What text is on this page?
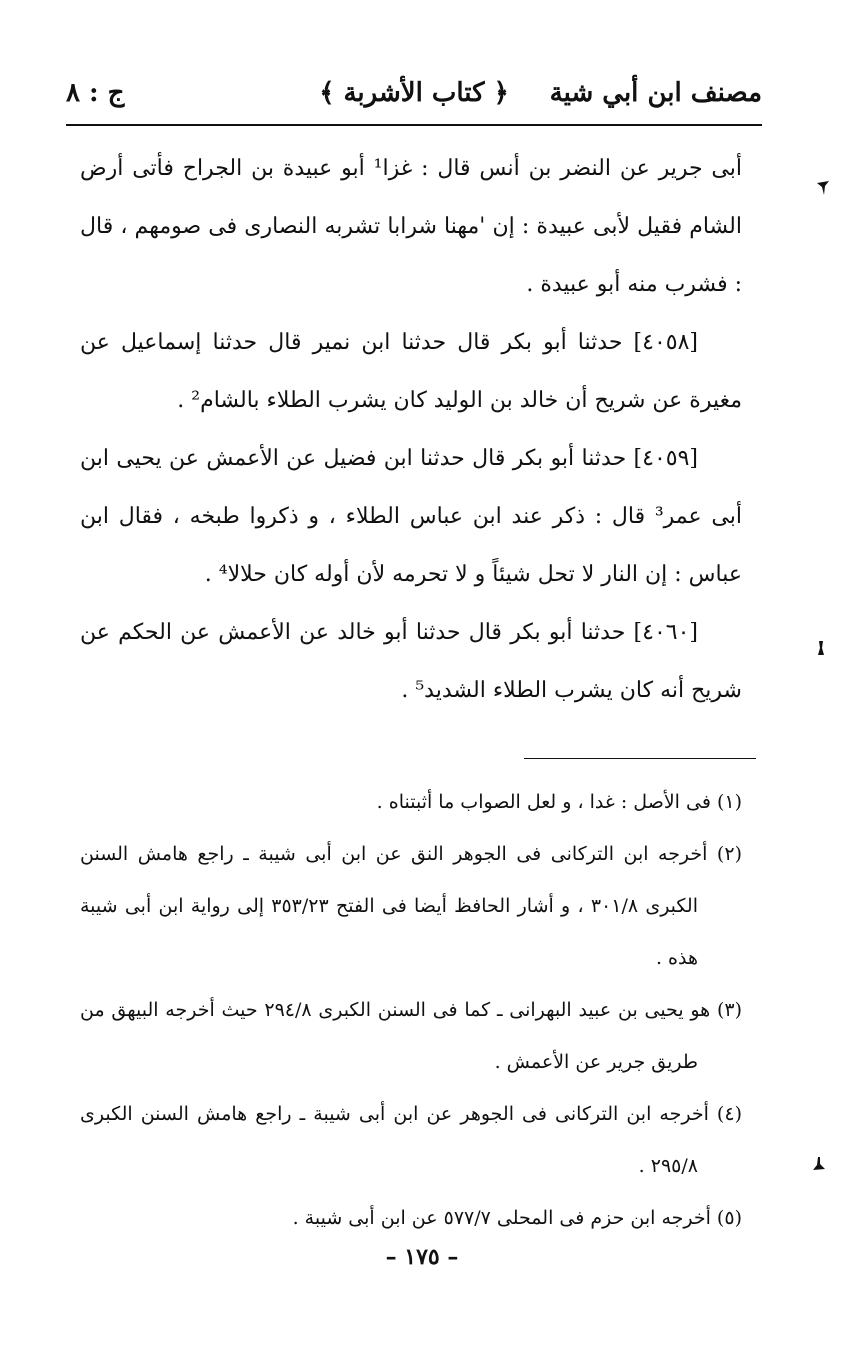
مصنف ابن أبي شية
﴿ كتاب الأشربة ﴾
ج : ٨

أبى جرير عن النضر بن أنس قال : غزا¹ أبو عبيدة بن الجراح فأتى أرض الشام فقيل لأبى عبيدة : إن 'مهنا شرابا تشربه النصارى فى صومهم ، قال : فشرب منه أبو عبيدة .

[٤٠٥٨] حدثنا أبو بكر قال حدثنا ابن نمير قال حدثنا إسماعيل عن مغيرة عن شريح أن خالد بن الوليد كان يشرب الطلاء بالشام² .

[٤٠٥٩] حدثنا أبو بكر قال حدثنا ابن فضيل عن الأعمش عن يحيى ابن أبى عمر³ قال : ذكر عند ابن عباس الطلاء ، و ذكروا طبخه ، فقال ابن عباس : إن النار لا تحل شيئاً و لا تحرمه لأن أوله كان حلالا⁴ .

[٤٠٦٠] حدثنا أبو بكر قال حدثنا أبو خالد عن الأعمش عن الحكم عن شريح أنه كان يشرب الطلاء الشديد⁵ .

(١) فى الأصل : غدا ، و لعل الصواب ما أثبتناه .

(٢) أخرجه ابن التركانى فى الجوهر النق عن ابن أبى شيبة ـ راجع هامش السنن الكبرى ٣٠١/٨ ، و أشار الحافظ أيضا فى الفتح ٣٥٣/٢٣ إلى رواية ابن أبى شيبة هذه .

(٣) هو يحيى بن عبيد البهرانى ـ كما فى السنن الكبرى ٢٩٤/٨ حيث أخرجه البيهق من طريق جرير عن الأعمش .

(٤) أخرجه ابن التركانى فى الجوهر عن ابن أبى شيبة ـ راجع هامش السنن الكبرى ٢٩٥/٨ .

(٥) أخرجه ابن حزم فى المحلى ٥٧٧/٧ عن ابن أبى شيبة .

– ١٧٥ –
